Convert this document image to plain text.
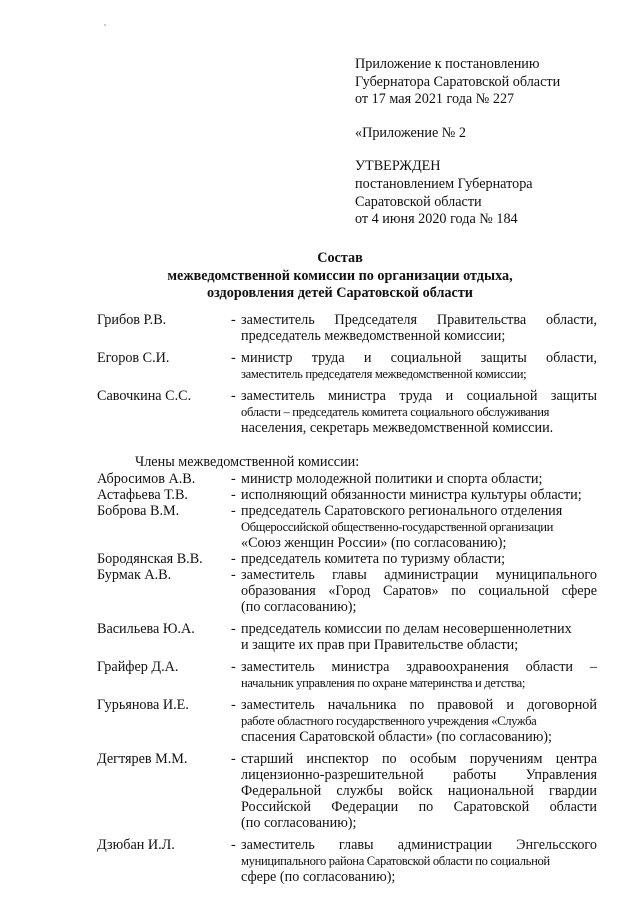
Приложение к постановлению
Губернатора Саратовской области
от 17 мая 2021 года № 227
«Приложение № 2
УТВЕРЖДЕН
постановлением Губернатора
Саратовской области
от 4 июня 2020 года № 184
Состав
межведомственной комиссии по организации отдыха,
оздоровления детей Саратовской области
Грибов Р.В.	- заместитель Председателя Правительства области,
председатель межведомственной комиссии;
Егоров С.И.	- министр труда и социальной защиты области,
заместитель председателя межведомственной комиссии;
Савочкина С.С.	- заместитель министра труда и социальной защиты
области – председатель комитета социального обслуживания
населения, секретарь межведомственной комиссии.
Члены межведомственной комиссии:
Абросимов А.В.	- министр молодежной политики и спорта области;
Астафьева Т.В.	- исполняющий обязанности министра культуры области;
Боброва В.М.	- председатель Саратовского регионального отделения
Общероссийской общественно-государственной организации
«Союз женщин России» (по согласованию);
Бородянская В.В.	- председатель комитета по туризму области;
Бурмак А.В.	- заместитель главы администрации муниципального
образования «Город Саратов» по социальной сфере
(по согласованию);
Васильева Ю.А.	- председатель комиссии по делам несовершеннолетних
и защите их прав при Правительстве области;
Грайфер Д.А.	- заместитель министра здравоохранения области –
начальник управления по охране материнства и детства;
Гурьянова И.Е.	- заместитель начальника по правовой и договорной
работе областного государственного учреждения «Служба
спасения Саратовской области» (по согласованию);
Дегтярев М.М.	- старший инспектор по особым поручениям центра
лицензионно-разрешительной работы Управления
Федеральной службы войск национальной гвардии
Российской Федерации по Саратовской области
(по согласованию);
Дзюбан И.Л.	- заместитель главы администрации Энгельсского
муниципального района Саратовской области по социальной
сфере (по согласованию);
